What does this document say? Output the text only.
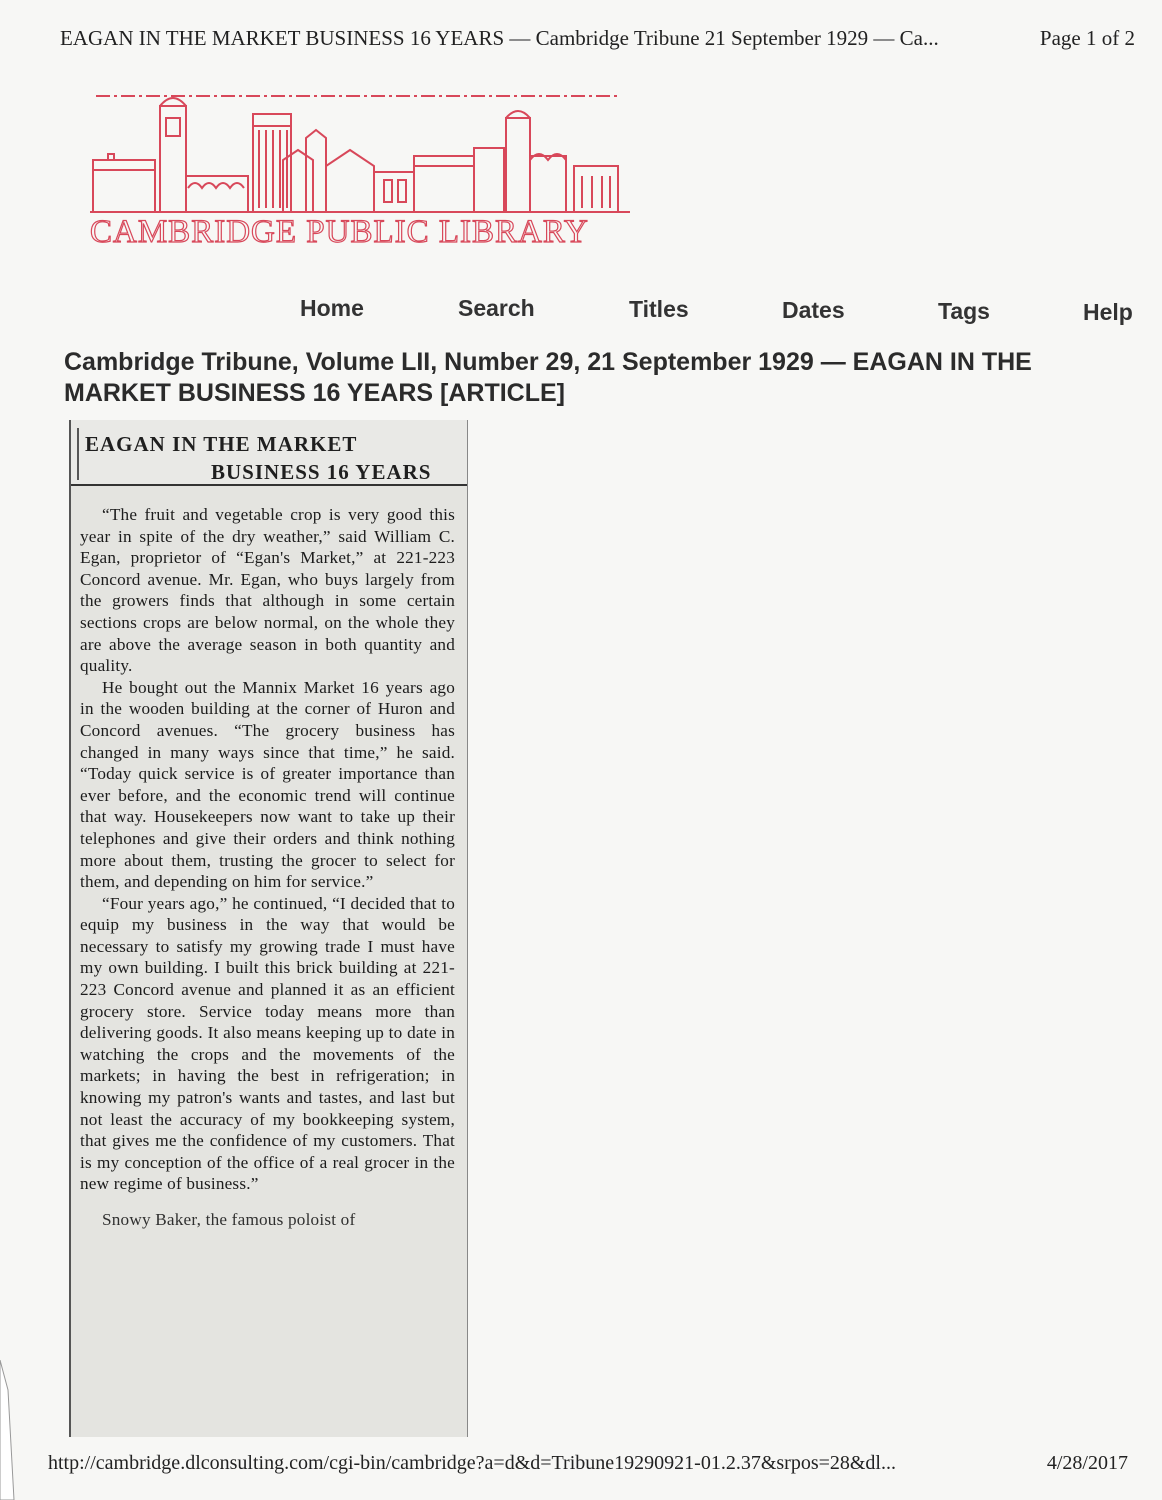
EAGAN IN THE MARKET BUSINESS 16 YEARS — Cambridge Tribune 21 September 1929 — Ca...	Page 1 of 2
CAMBRIDGE PUBLIC LIBRARY
Home	Search	Titles	Dates	Tags	Help
Cambridge Tribune, Volume LII, Number 29, 21 September 1929 — EAGAN IN THE MARKET BUSINESS 16 YEARS [ARTICLE]
EAGAN IN THE MARKET
BUSINESS 16 YEARS

“The fruit and vegetable crop is very good this year in spite of the dry weather,” said William C. Egan, proprietor of “Egan's Market,” at 221-223 Concord avenue. Mr. Egan, who buys largely from the growers finds that although in some certain sections crops are below normal, on the whole they are above the average season in both quantity and quality.

He bought out the Mannix Market 16 years ago in the wooden building at the corner of Huron and Concord avenues. “The grocery business has changed in many ways since that time,” he said. “Today quick service is of greater importance than ever before, and the economic trend will continue that way. Housekeepers now want to take up their telephones and give their orders and think nothing more about them, trusting the grocer to select for them, and depending on him for service.”

“Four years ago,” he continued, “I decided that to equip my business in the way that would be necessary to satisfy my growing trade I must have my own building. I built this brick building at 221-223 Concord avenue and planned it as an efficient grocery store. Service today means more than delivering goods. It also means keeping up to date in watching the crops and the movements of the markets; in having the best in refrigeration; in knowing my patron's wants and tastes, and last but not least the accuracy of my bookkeeping system, that gives me the confidence of my customers. That is my conception of the office of a real grocer in the new regime of business.”

Snowy Baker, the famous poloist of

http://cambridge.dlconsulting.com/cgi-bin/cambridge?a=d&d=Tribune19290921-01.2.37&srpos=28&dl...	4/28/2017
